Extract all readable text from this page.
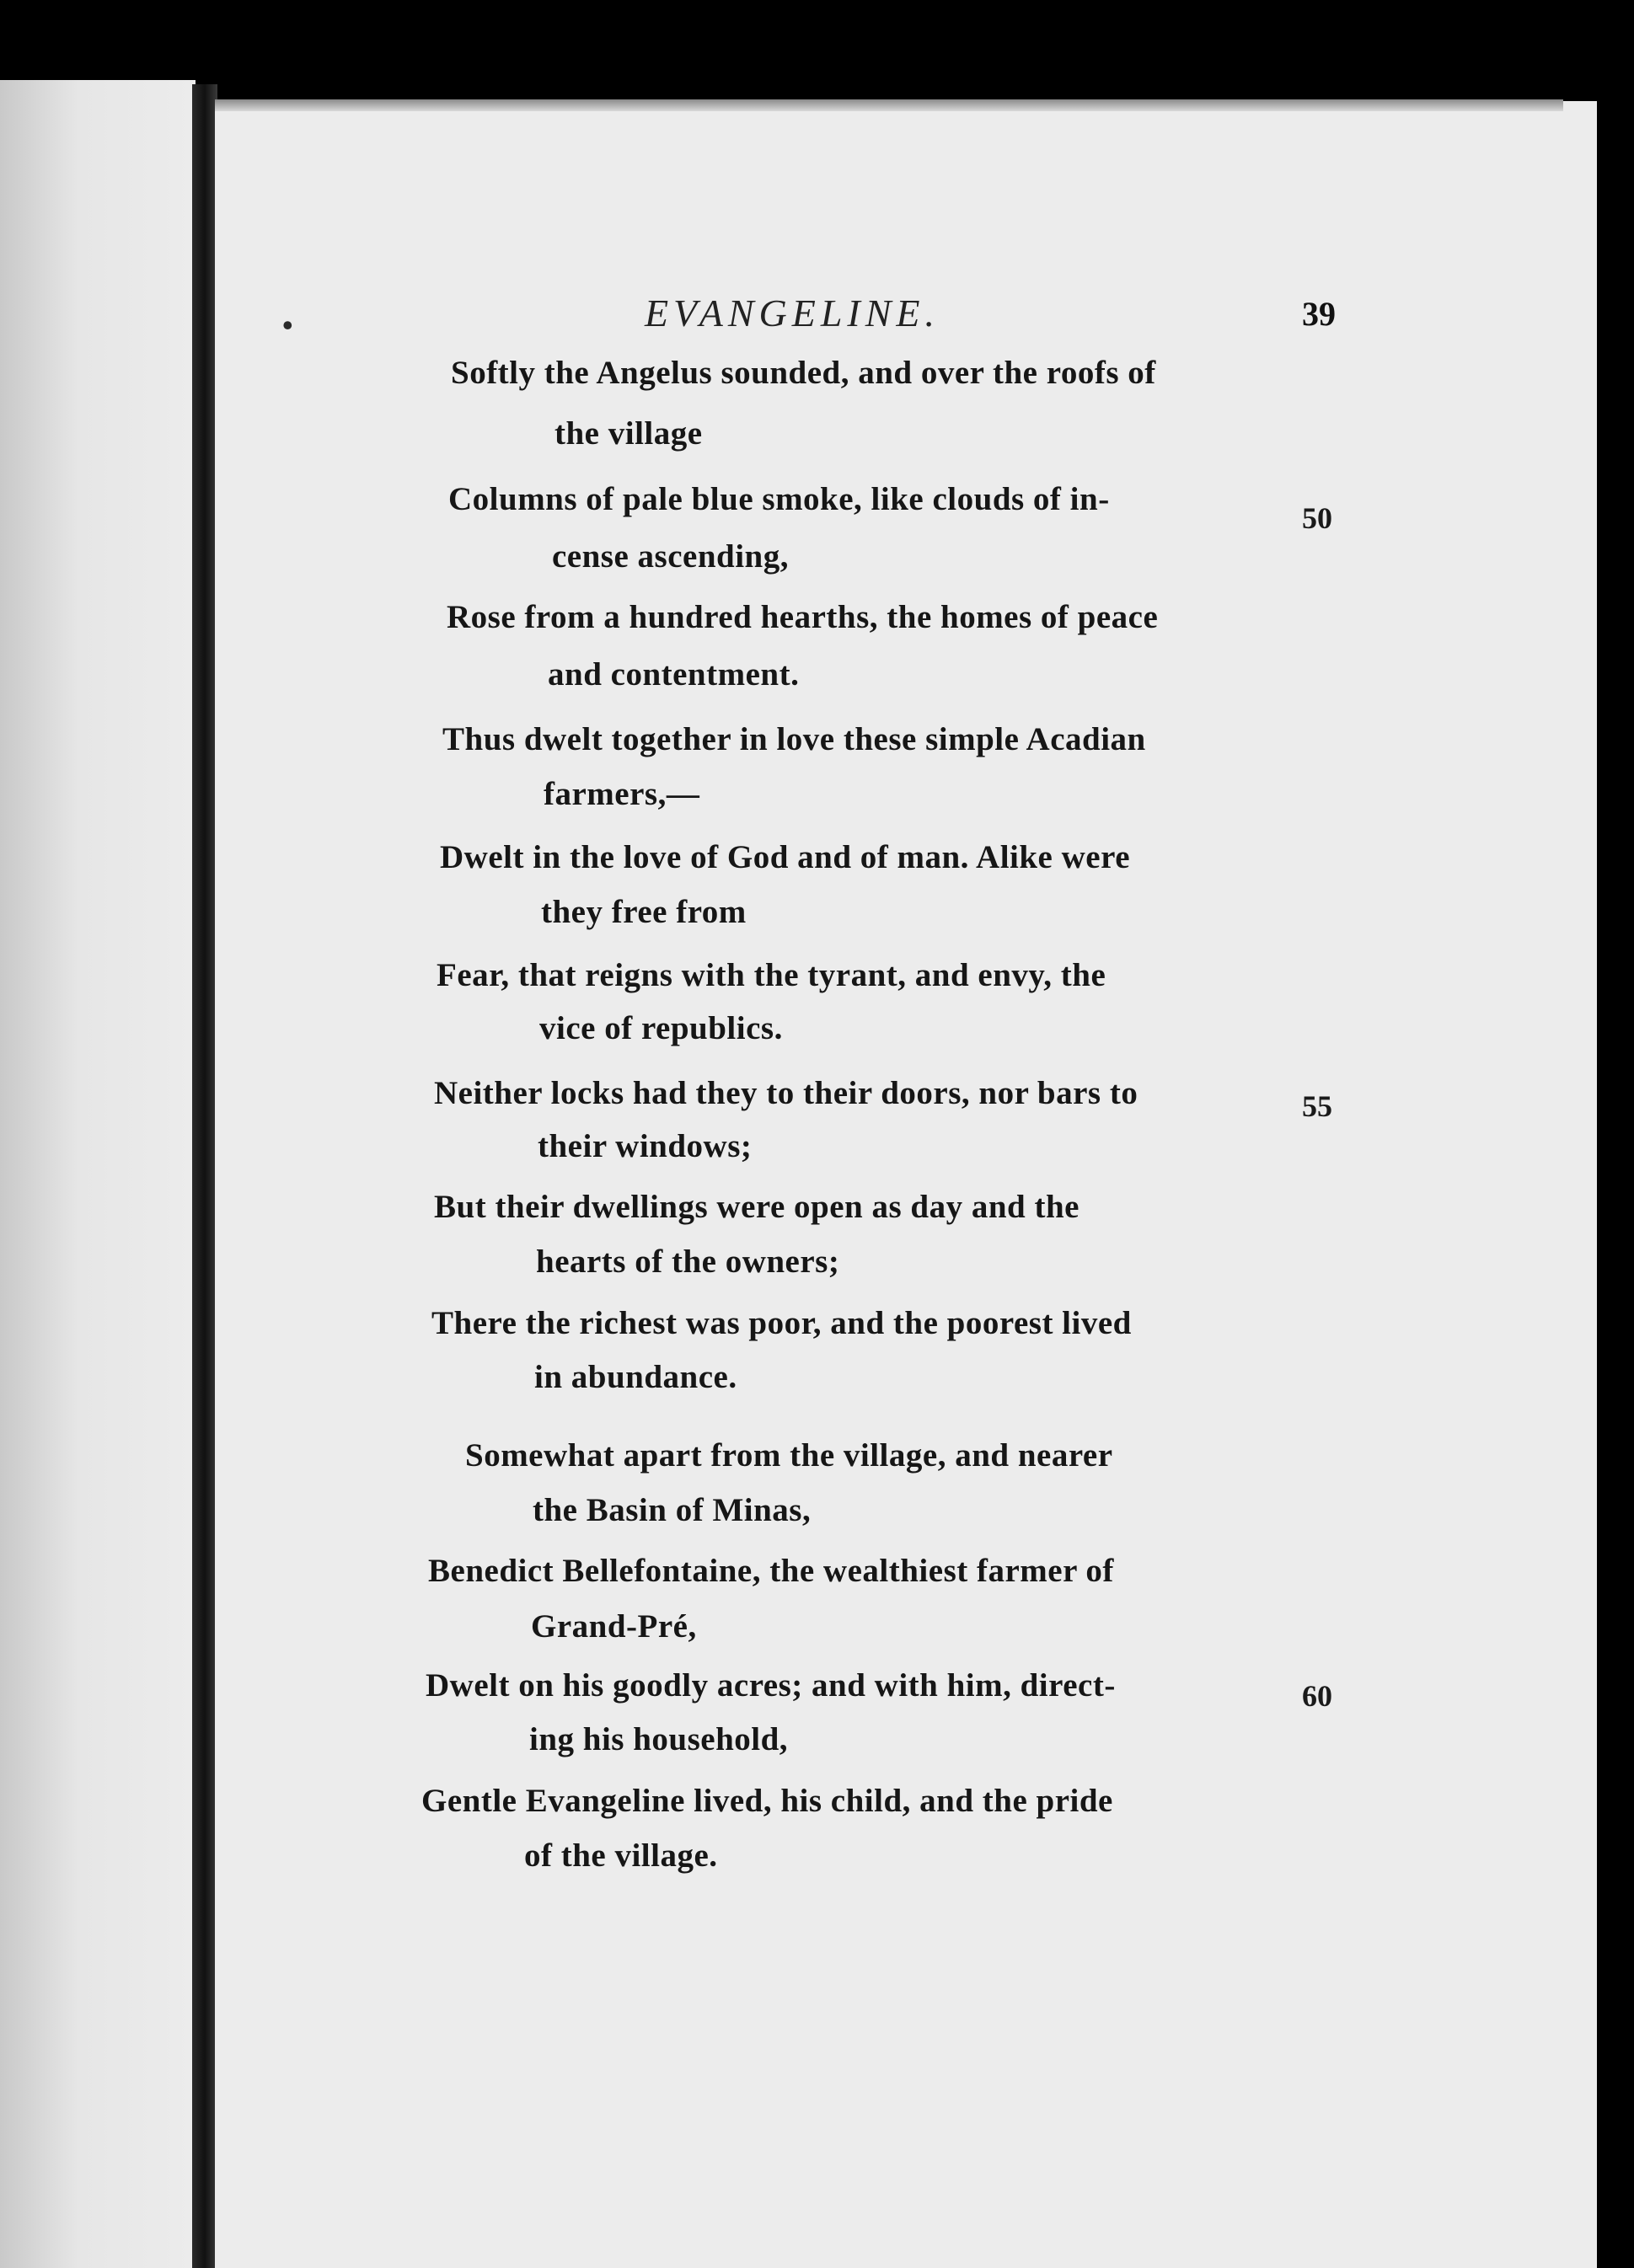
•	EVANGELINE.	39
Softly the Angelus sounded, and over the roofs of
the village
Columns of pale blue smoke, like clouds of in-
50
cense ascending,
Rose from a hundred hearths, the homes of peace
and contentment.
Thus dwelt together in love these simple Acadian
farmers,—
Dwelt in the love of God and of man. Alike were
they free from
Fear, that reigns with the tyrant, and envy, the
vice of republics.
Neither locks had they to their doors, nor bars to	55
their windows;
But their dwellings were open as day and the
hearts of the owners;
There the richest was poor, and the poorest lived
in abundance.
Somewhat apart from the village, and nearer
the Basin of Minas,
Benedict Bellefontaine, the wealthiest farmer of
Grand-Pré,
Dwelt on his goodly acres; and with him, direct-	60
ing his household,
Gentle Evangeline lived, his child, and the pride
of the village.
